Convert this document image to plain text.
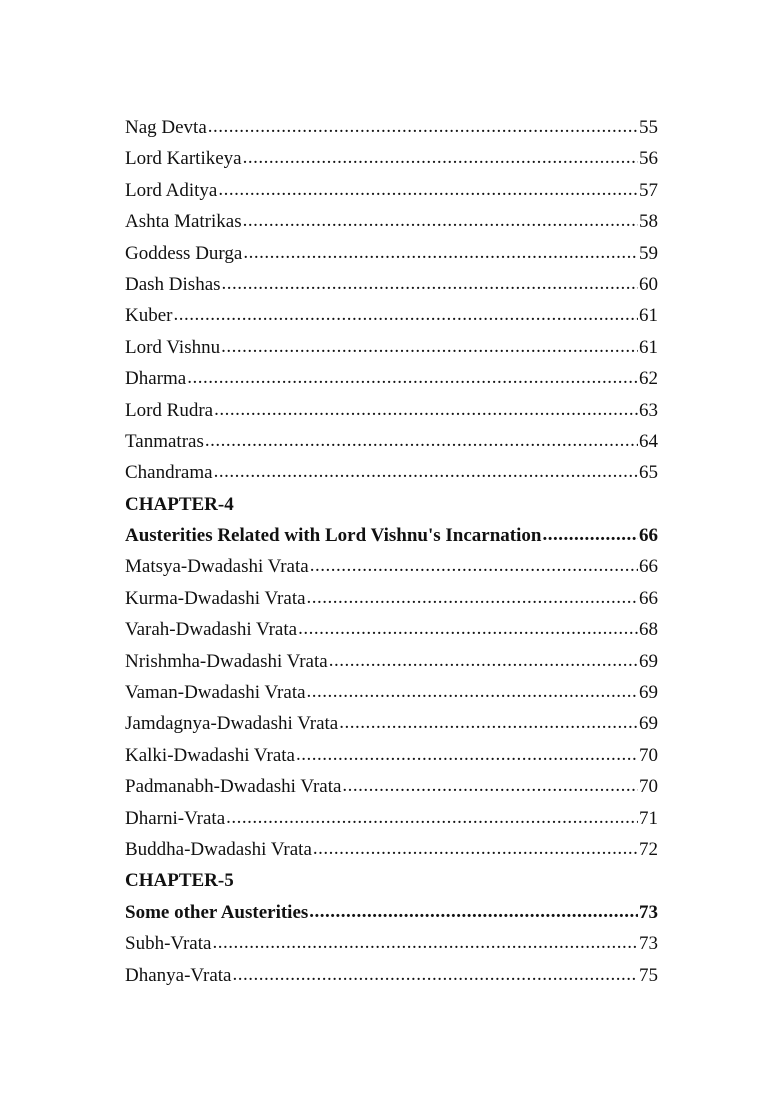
Nag Devta .....	55
Lord Kartikeya .....	56
Lord Aditya .....	57
Ashta Matrikas .....	58
Goddess Durga .....	59
Dash Dishas .....	60
Kuber .....	61
Lord Vishnu .....	61
Dharma .....	62
Lord Rudra .....	63
Tanmatras .....	64
Chandrama .....	65
CHAPTER-4
Austerities Related with Lord Vishnu's Incarnation .....	66
Matsya-Dwadashi Vrata .....	66
Kurma-Dwadashi Vrata .....	66
Varah-Dwadashi Vrata .....	68
Nrishmha-Dwadashi Vrata .....	69
Vaman-Dwadashi Vrata .....	69
Jamdagnya-Dwadashi Vrata .....	69
Kalki-Dwadashi Vrata .....	70
Padmanabh-Dwadashi Vrata .....	70
Dharni-Vrata .....	71
Buddha-Dwadashi Vrata .....	72
CHAPTER-5
Some other Austerities .....	73
Subh-Vrata .....	73
Dhanya-Vrata .....	75
